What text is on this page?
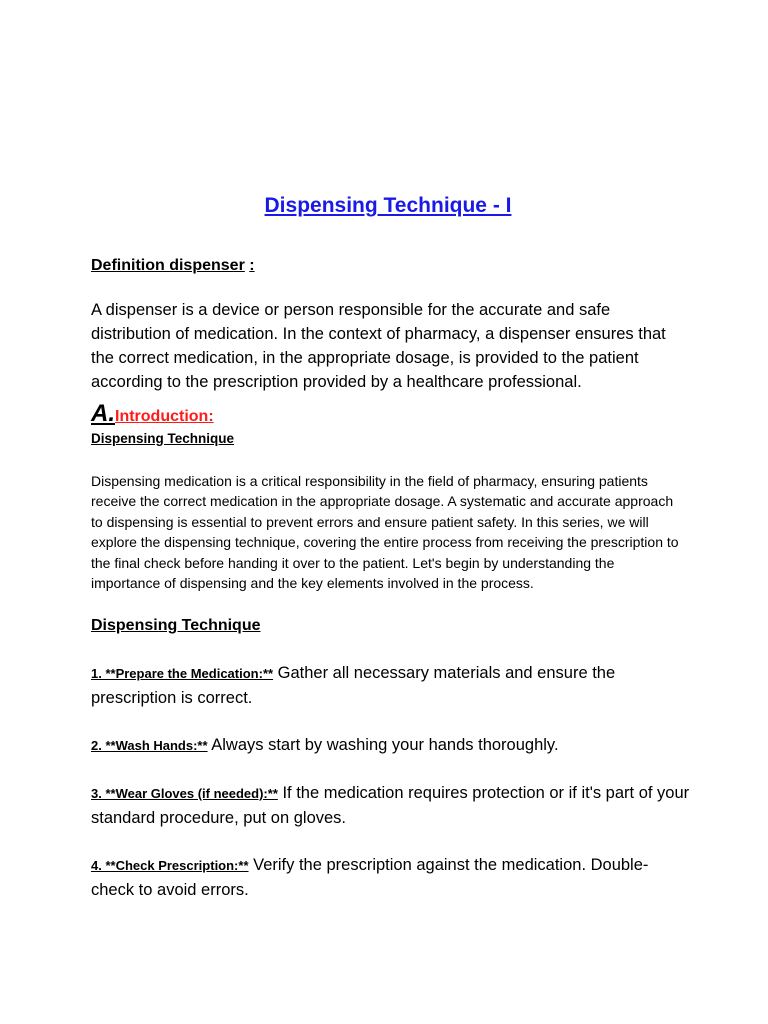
Dispensing Technique - I
Definition dispenser :

A dispenser is a device or person responsible for the accurate and safe distribution of medication. In the context of pharmacy, a dispenser ensures that the correct medication, in the appropriate dosage, is provided to the patient according to the prescription provided by a healthcare professional.

A.Introduction:
Dispensing Technique

Dispensing medication is a critical responsibility in the field of pharmacy, ensuring patients receive the correct medication in the appropriate dosage. A systematic and accurate approach to dispensing is essential to prevent errors and ensure patient safety. In this series, we will explore the dispensing technique, covering the entire process from receiving the prescription to the final check before handing it over to the patient. Let's begin by understanding the importance of dispensing and the key elements involved in the process.

Dispensing Technique

1. **Prepare the Medication:** Gather all necessary materials and ensure the prescription is correct.

2. **Wash Hands:** Always start by washing your hands thoroughly.

3. **Wear Gloves (if needed):** If the medication requires protection or if it's part of your standard procedure, put on gloves.

4. **Check Prescription:** Verify the prescription against the medication. Double-check to avoid errors.
